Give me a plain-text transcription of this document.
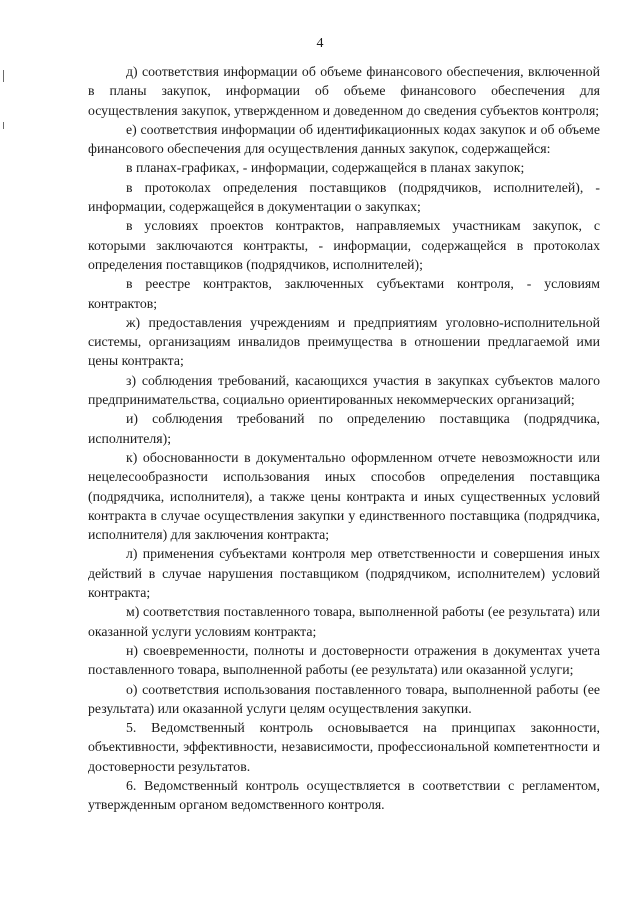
4

д) соответствия информации об объеме финансового обеспечения, включенной в планы закупок, информации об объеме финансового обеспечения для осуществления закупок, утвержденном и доведенном до сведения субъектов контроля;

е) соответствия информации об идентификационных кодах закупок и об объеме финансового обеспечения для осуществления данных закупок, содержащейся:

в планах-графиках, - информации, содержащейся в планах закупок;

в протоколах определения поставщиков (подрядчиков, исполнителей), - информации, содержащейся в документации о закупках;

в условиях проектов контрактов, направляемых участникам закупок, с которыми заключаются контракты, - информации, содержащейся в протоколах определения поставщиков (подрядчиков, исполнителей);

в реестре контрактов, заключенных субъектами контроля, - условиям контрактов;

ж) предоставления учреждениям и предприятиям уголовно-исполнительной системы, организациям инвалидов преимущества в отношении предлагаемой ими цены контракта;

з) соблюдения требований, касающихся участия в закупках субъектов малого предпринимательства, социально ориентированных некоммерческих организаций;

и) соблюдения требований по определению поставщика (подрядчика, исполнителя);

к) обоснованности в документально оформленном отчете невозможности или нецелесообразности использования иных способов определения поставщика (подрядчика, исполнителя), а также цены контракта и иных существенных условий контракта в случае осуществления закупки у единственного поставщика (подрядчика, исполнителя) для заключения контракта;

л) применения субъектами контроля мер ответственности и совершения иных действий в случае нарушения поставщиком (подрядчиком, исполнителем) условий контракта;

м) соответствия поставленного товара, выполненной работы (ее результата) или оказанной услуги условиям контракта;

н) своевременности, полноты и достоверности отражения в документах учета поставленного товара, выполненной работы (ее результата) или оказанной услуги;

о) соответствия использования поставленного товара, выполненной работы (ее результата) или оказанной услуги целям осуществления закупки.

5. Ведомственный контроль основывается на принципах законности, объективности, эффективности, независимости, профессиональной компетентности и достоверности результатов.

6. Ведомственный контроль осуществляется в соответствии с регламентом, утвержденным органом ведомственного контроля.
